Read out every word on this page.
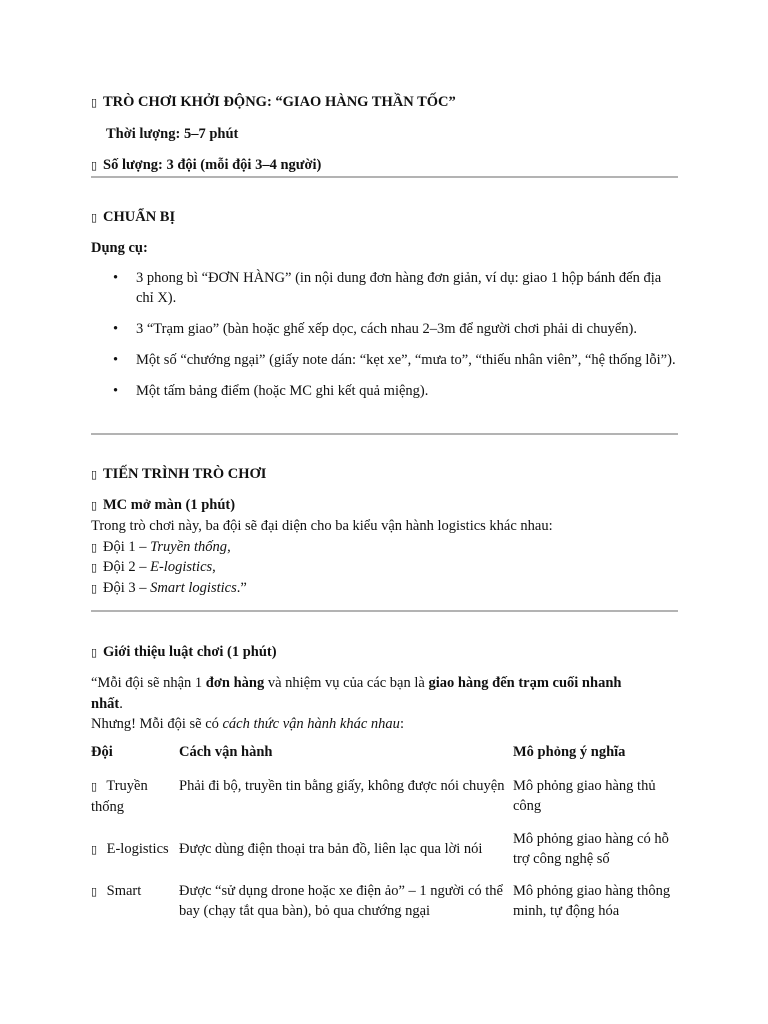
▯ TRÒ CHƠI KHỞI ĐỘNG: “GIAO HÀNG THẦN TỐC”
Thời lượng: 5–7 phút
▯ Số lượng: 3 đội (mỗi đội 3–4 người)
▯ CHUẨN BỊ
Dụng cụ:
• 3 phong bì “ĐƠN HÀNG” (in nội dung đơn hàng đơn giản, ví dụ: giao 1 hộp bánh đến địa chỉ X).
• 3 “Trạm giao” (bàn hoặc ghế xếp dọc, cách nhau 2–3m để người chơi phải di chuyển).
• Một số “chướng ngại” (giấy note dán: “kẹt xe”, “mưa to”, “thiếu nhân viên”, “hệ thống lỗi”).
• Một tấm bảng điểm (hoặc MC ghi kết quả miệng).
▯ TIẾN TRÌNH TRÒ CHƠI
▯ MC mở màn (1 phút)
Trong trò chơi này, ba đội sẽ đại diện cho ba kiểu vận hành logistics khác nhau:
▯ Đội 1 – Truyền thống,
▯ Đội 2 – E-logistics,
▯ Đội 3 – Smart logistics.”
▯ Giới thiệu luật chơi (1 phút)
“Mỗi đội sẽ nhận 1 đơn hàng và nhiệm vụ của các bạn là giao hàng đến trạm cuối nhanh
nhất.
Nhưng! Mỗi đội sẽ có cách thức vận hành khác nhau:
Đội	Cách vận hành	Mô phỏng ý nghĩa
▯ Truyền thống	Phải đi bộ, truyền tin bằng giấy, không được nói chuyện	Mô phỏng giao hàng thủ công
▯ E-logistics	Được dùng điện thoại tra bản đồ, liên lạc qua lời nói	Mô phỏng giao hàng có hỗ trợ công nghệ số
▯ Smart	Được “sử dụng drone hoặc xe điện ảo” – 1 người có thể bay (chạy tắt qua bàn), bỏ qua chướng ngại	Mô phỏng giao hàng thông minh, tự động hóa
